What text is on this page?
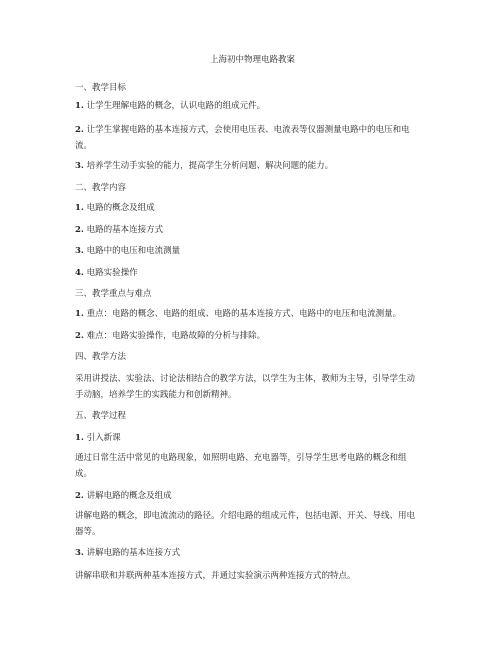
上海初中物理电路教案
一、教学目标
1. 让学生理解电路的概念，认识电路的组成元件。
2. 让学生掌握电路的基本连接方式，会使用电压表、电流表等仪器测量电路中的电压和电流。
3. 培养学生动手实验的能力，提高学生分析问题、解决问题的能力。
二、教学内容
1. 电路的概念及组成
2. 电路的基本连接方式
3. 电路中的电压和电流测量
4. 电路实验操作
三、教学重点与难点
1. 重点：电路的概念、电路的组成、电路的基本连接方式、电路中的电压和电流测量。
2. 难点：电路实验操作，电路故障的分析与排除。
四、教学方法
采用讲授法、实验法、讨论法相结合的教学方法，以学生为主体，教师为主导，引导学生动手动脑，培养学生的实践能力和创新精神。
五、教学过程
1. 引入新课
通过日常生活中常见的电路现象，如照明电路、充电器等，引导学生思考电路的概念和组成。
2. 讲解电路的概念及组成
讲解电路的概念，即电流流动的路径。介绍电路的组成元件，包括电源、开关、导线、用电器等。
3. 讲解电路的基本连接方式
讲解串联和并联两种基本连接方式，并通过实验演示两种连接方式的特点。
